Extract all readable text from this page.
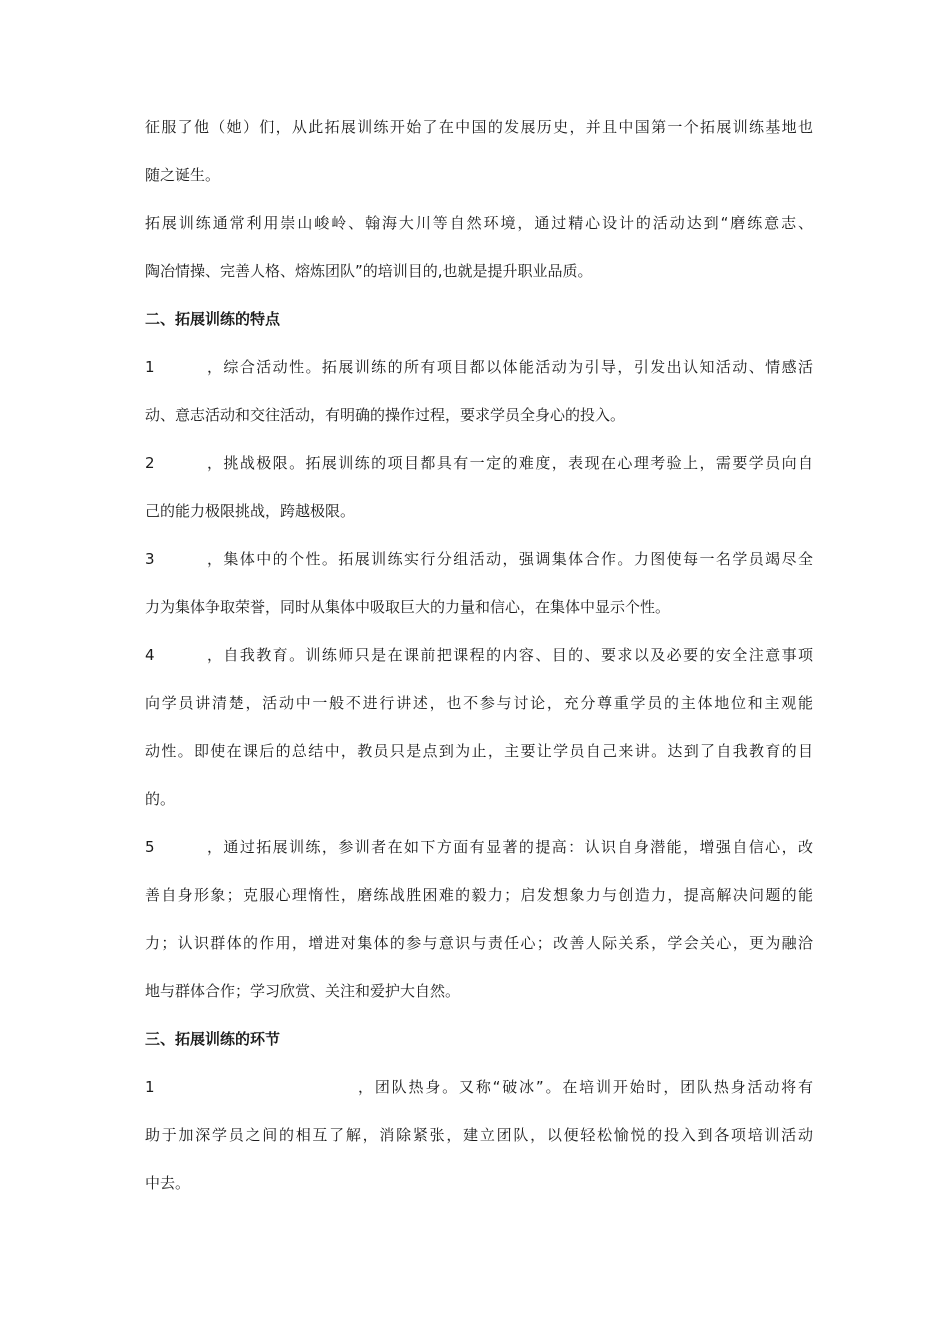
征服了他（她）们，从此拓展训练开始了在中国的发展历史，并且中国第一个拓展训练基地也
随之诞生。
拓展训练通常利用崇山峻岭、翰海大川等自然环境，通过精心设计的活动达到“磨练意志、
陶冶情操、完善人格、熔炼团队”的培训目的,也就是提升职业品质。
二、拓展训练的特点
1，综合活动性。拓展训练的所有项目都以体能活动为引导，引发出认知活动、情感活
动、意志活动和交往活动，有明确的操作过程，要求学员全身心的投入。
2，挑战极限。拓展训练的项目都具有一定的难度，表现在心理考验上，需要学员向自
己的能力极限挑战，跨越极限。
3，集体中的个性。拓展训练实行分组活动，强调集体合作。力图使每一名学员竭尽全
力为集体争取荣誉，同时从集体中吸取巨大的力量和信心，在集体中显示个性。
4，自我教育。训练师只是在课前把课程的内容、目的、要求以及必要的安全注意事项
向学员讲清楚，活动中一般不进行讲述，也不参与讨论，充分尊重学员的主体地位和主观能
动性。即使在课后的总结中，教员只是点到为止，主要让学员自己来讲。达到了自我教育的目
的。
5，通过拓展训练，参训者在如下方面有显著的提高：认识自身潜能，增强自信心，改
善自身形象；克服心理惰性，磨练战胜困难的毅力；启发想象力与创造力，提高解决问题的能
力；认识群体的作用，增进对集体的参与意识与责任心；改善人际关系，学会关心，更为融洽
地与群体合作；学习欣赏、关注和爱护大自然。
三、拓展训练的环节
1，团队热身。又称“破冰”。在培训开始时，团队热身活动将有
助于加深学员之间的相互了解，消除紧张，建立团队，以便轻松愉悦的投入到各项培训活动
中去。
